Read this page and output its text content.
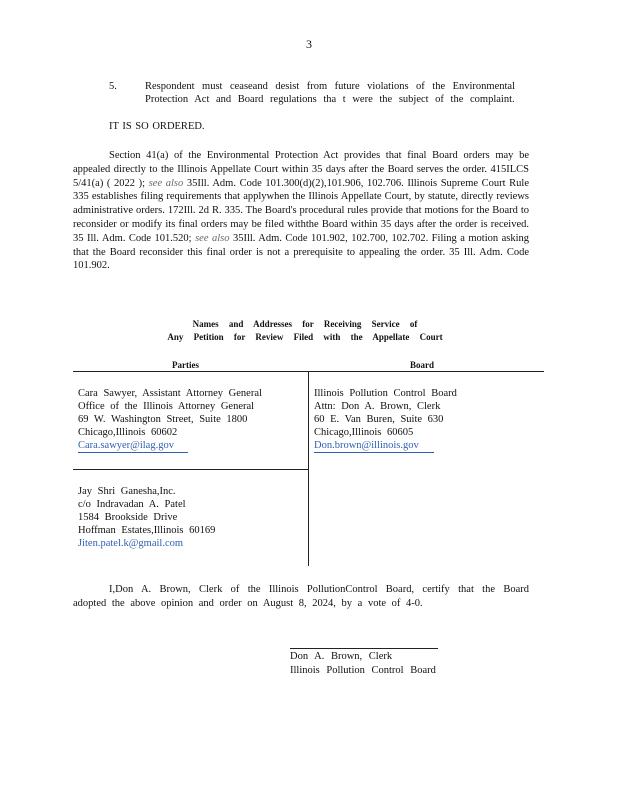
3
5.	Respondent must ceaseand desist from future violations of the Environmental
Protection Act and Board regulations tha t were the subject of the complaint.
IT IS SO ORDERED.
Section 41(a) of the Environmental Protection Act provides that final Board orders may be appealed directly to the Illinois Appellate Court within 35 days after the Board serves the order. 415ILCS 5/41(a) ( 2022 ); see also 35Ill. Adm. Code 101.300(d)(2),101.906, 102.706. Illinois Supreme Court Rule 335 establishes filing requirements that applywhen the Illinois Appellate Court, by statute, directly reviews administrative orders. 172Ill. 2d R. 335. The Board's procedural rules provide that motions for the Board to reconsider or modify its final orders may be filed withthe Board within 35 days after the order is received. 35 Ill. Adm. Code 101.520; see also 35Ill. Adm. Code 101.902, 102.700, 102.702. Filing a motion asking that the Board reconsider this final order is not a prerequisite to appealing the order. 35 Ill. Adm. Code 101.902.
Names and Addresses for Receiving Service of
Any Petition for Review Filed with the Appellate Court
Parties	Board
Cara Sawyer, Assistant Attorney General
Office of the Illinois Attorney General
69 W. Washington Street, Suite 1800
Chicago,Illinois 60602
Cara.sawyer@ilag.gov
Illinois Pollution Control Board
Attn: Don A. Brown, Clerk
60 E. Van Buren, Suite 630
Chicago,Illinois 60605
Don.brown@illinois.gov
Jay Shri Ganesha,Inc.
c/o Indravadan A. Patel
1584 Brookside Drive
Hoffman Estates,Illinois 60169
Jiten.patel.k@gmail.com
I,Don A. Brown, Clerk of the Illinois PollutionControl Board, certify that the Board adopted the above opinion and order on August 8, 2024, by a vote of 4-0.
Don A. Brown, Clerk
Illinois Pollution Control Board
